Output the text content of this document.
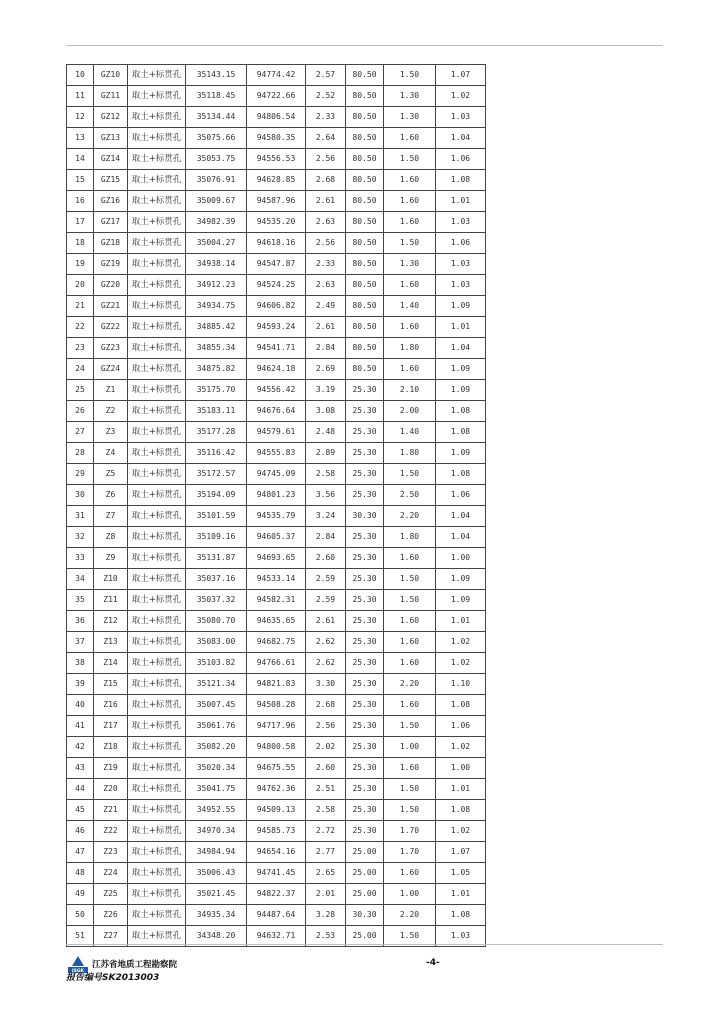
10	GZ10	取土+标贯孔	35143.15	94774.42	2.57	80.50	1.50	1.07
11	GZ11	取土+标贯孔	35118.45	94722.66	2.52	80.50	1.30	1.02
12	GZ12	取土+标贯孔	35134.44	94806.54	2.33	80.50	1.30	1.03
13	GZ13	取土+标贯孔	35075.66	94580.35	2.64	80.50	1.60	1.04
14	GZ14	取土+标贯孔	35053.75	94556.53	2.56	80.50	1.50	1.06
15	GZ15	取土+标贯孔	35076.91	94628.85	2.68	80.50	1.60	1.08
16	GZ16	取土+标贯孔	35009.67	94587.96	2.61	80.50	1.60	1.01
17	GZ17	取土+标贯孔	34982.39	94535.20	2.63	80.50	1.60	1.03
18	GZ18	取土+标贯孔	35004.27	94618.16	2.56	80.50	1.50	1.06
19	GZ19	取土+标贯孔	34938.14	94547.87	2.33	80.50	1.30	1.03
20	GZ20	取土+标贯孔	34912.23	94524.25	2.63	80.50	1.60	1.03
21	GZ21	取土+标贯孔	34934.75	94606.82	2.49	80.50	1.40	1.09
22	GZ22	取土+标贯孔	34885.42	94593.24	2.61	80.50	1.60	1.01
23	GZ23	取土+标贯孔	34855.34	94541.71	2.84	80.50	1.80	1.04
24	GZ24	取土+标贯孔	34875.82	94624.18	2.69	80.50	1.60	1.09
25	Z1	取土+标贯孔	35175.70	94556.42	3.19	25.30	2.10	1.09
26	Z2	取土+标贯孔	35183.11	94676.64	3.08	25.30	2.00	1.08
27	Z3	取土+标贯孔	35177.28	94579.61	2.48	25.30	1.40	1.08
28	Z4	取土+标贯孔	35116.42	94555.83	2.89	25.30	1.80	1.09
29	Z5	取土+标贯孔	35172.57	94745.09	2.58	25.30	1.50	1.08
30	Z6	取土+标贯孔	35194.09	94801.23	3.56	25.30	2.50	1.06
31	Z7	取土+标贯孔	35101.59	94535.79	3.24	30.30	2.20	1.04
32	Z8	取土+标贯孔	35109.16	94605.37	2.84	25.30	1.80	1.04
33	Z9	取土+标贯孔	35131.87	94693.65	2.60	25.30	1.60	1.00
34	Z10	取土+标贯孔	35037.16	94533.14	2.59	25.30	1.50	1.09
35	Z11	取土+标贯孔	35037.32	94582.31	2.59	25.30	1.50	1.09
36	Z12	取土+标贯孔	35080.70	94635.65	2.61	25.30	1.60	1.01
37	Z13	取土+标贯孔	35083.00	94682.75	2.62	25.30	1.60	1.02
38	Z14	取土+标贯孔	35103.82	94766.61	2.62	25.30	1.60	1.02
39	Z15	取土+标贯孔	35121.34	94821.83	3.30	25.30	2.20	1.10
40	Z16	取土+标贯孔	35007.45	94508.28	2.68	25.30	1.60	1.08
41	Z17	取土+标贯孔	35061.76	94717.96	2.56	25.30	1.50	1.06
42	Z18	取土+标贯孔	35082.20	94800.58	2.02	25.30	1.00	1.02
43	Z19	取土+标贯孔	35020.34	94675.55	2.60	25.30	1.60	1.00
44	Z20	取土+标贯孔	35041.75	94762.36	2.51	25.30	1.50	1.01
45	Z21	取土+标贯孔	34952.55	94509.13	2.58	25.30	1.50	1.08
46	Z22	取土+标贯孔	34970.34	94585.73	2.72	25.30	1.70	1.02
47	Z23	取土+标贯孔	34984.94	94654.16	2.77	25.00	1.70	1.07
48	Z24	取土+标贯孔	35006.43	94741.45	2.65	25.00	1.60	1.05
49	Z25	取土+标贯孔	35021.45	94822.37	2.01	25.00	1.00	1.01
50	Z26	取土+标贯孔	34935.34	94487.64	3.28	30.30	2.20	1.08
51	Z27	取土+标贯孔	34348.20	94632.71	2.53	25.00	1.50	1.03
JSGK
江苏省地质工程勘察院	-4-
报告编号SK2013003
